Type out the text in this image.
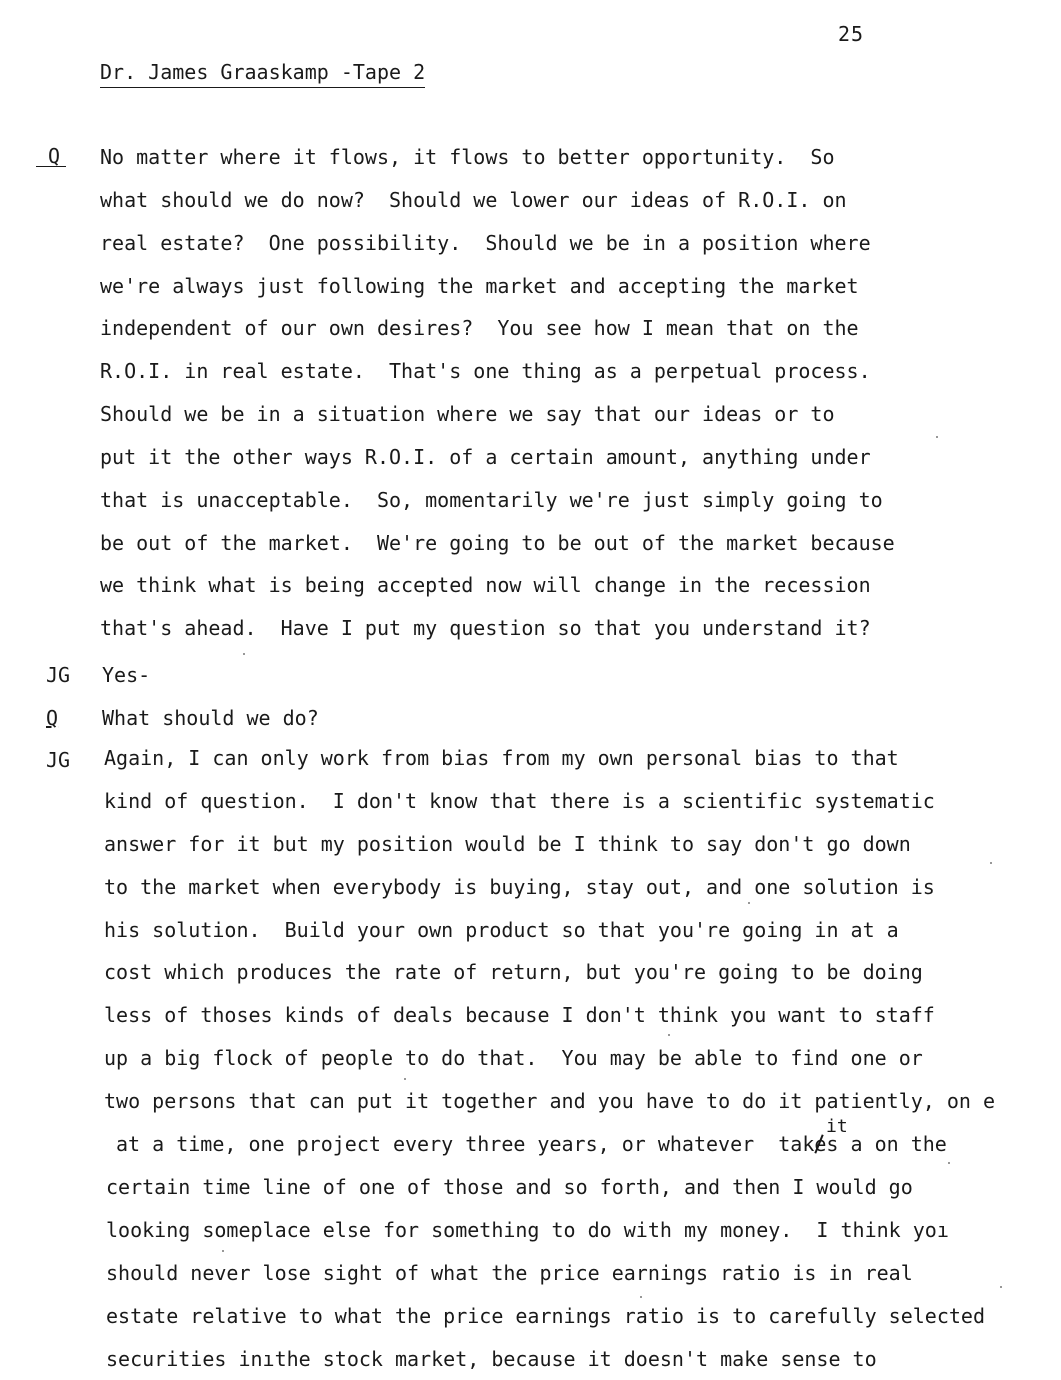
25
Dr. James Graaskamp -Tape 2
Q	No matter where it flows, it flows to better opportunity.  So
what should we do now?  Should we lower our ideas of R.O.I. on
real estate?  One possibility.  Should we be in a position where
we're always just following the market and accepting the market
independent of our own desires?  You see how I mean that on the
R.O.I. in real estate.  That's one thing as a perpetual process.
Should we be in a situation where we say that our ideas or to
put it the other ways R.O.I. of a certain amount, anything under
that is unacceptable.  So, momentarily we're just simply going to
be out of the market.  We're going to be out of the market because
we think what is being accepted now will change in the recession
that's ahead.  Have I put my question so that you understand it?
JG Yes-
Q What should we do?
JG Again, I can only work from bias from my own personal bias to that
kind of question.  I don't know that there is a scientific systematic
answer for it but my position would be I think to say don't go down
to the market when everybody is buying, stay out, and one solution is
his solution.  Build your own product so that you're going in at a
cost which produces the rate of return, but you're going to be doing
less of thoses kinds of deals because I don't think you want to staff
up a big flock of people to do that.  You may be able to find one or
two persons that can put it together and you have to do it patiently, on e
it
at a time, one project every three years, or whatever  takes a on the
certain time line of one of those and so forth, and then I would go
looking someplace else for something to do with my money.  I think yoı
should never lose sight of what the price earnings ratio is in real
estate relative to what the price earnings ratio is to carefully selected
securities inıthe stock market, because it doesn't make sense to
